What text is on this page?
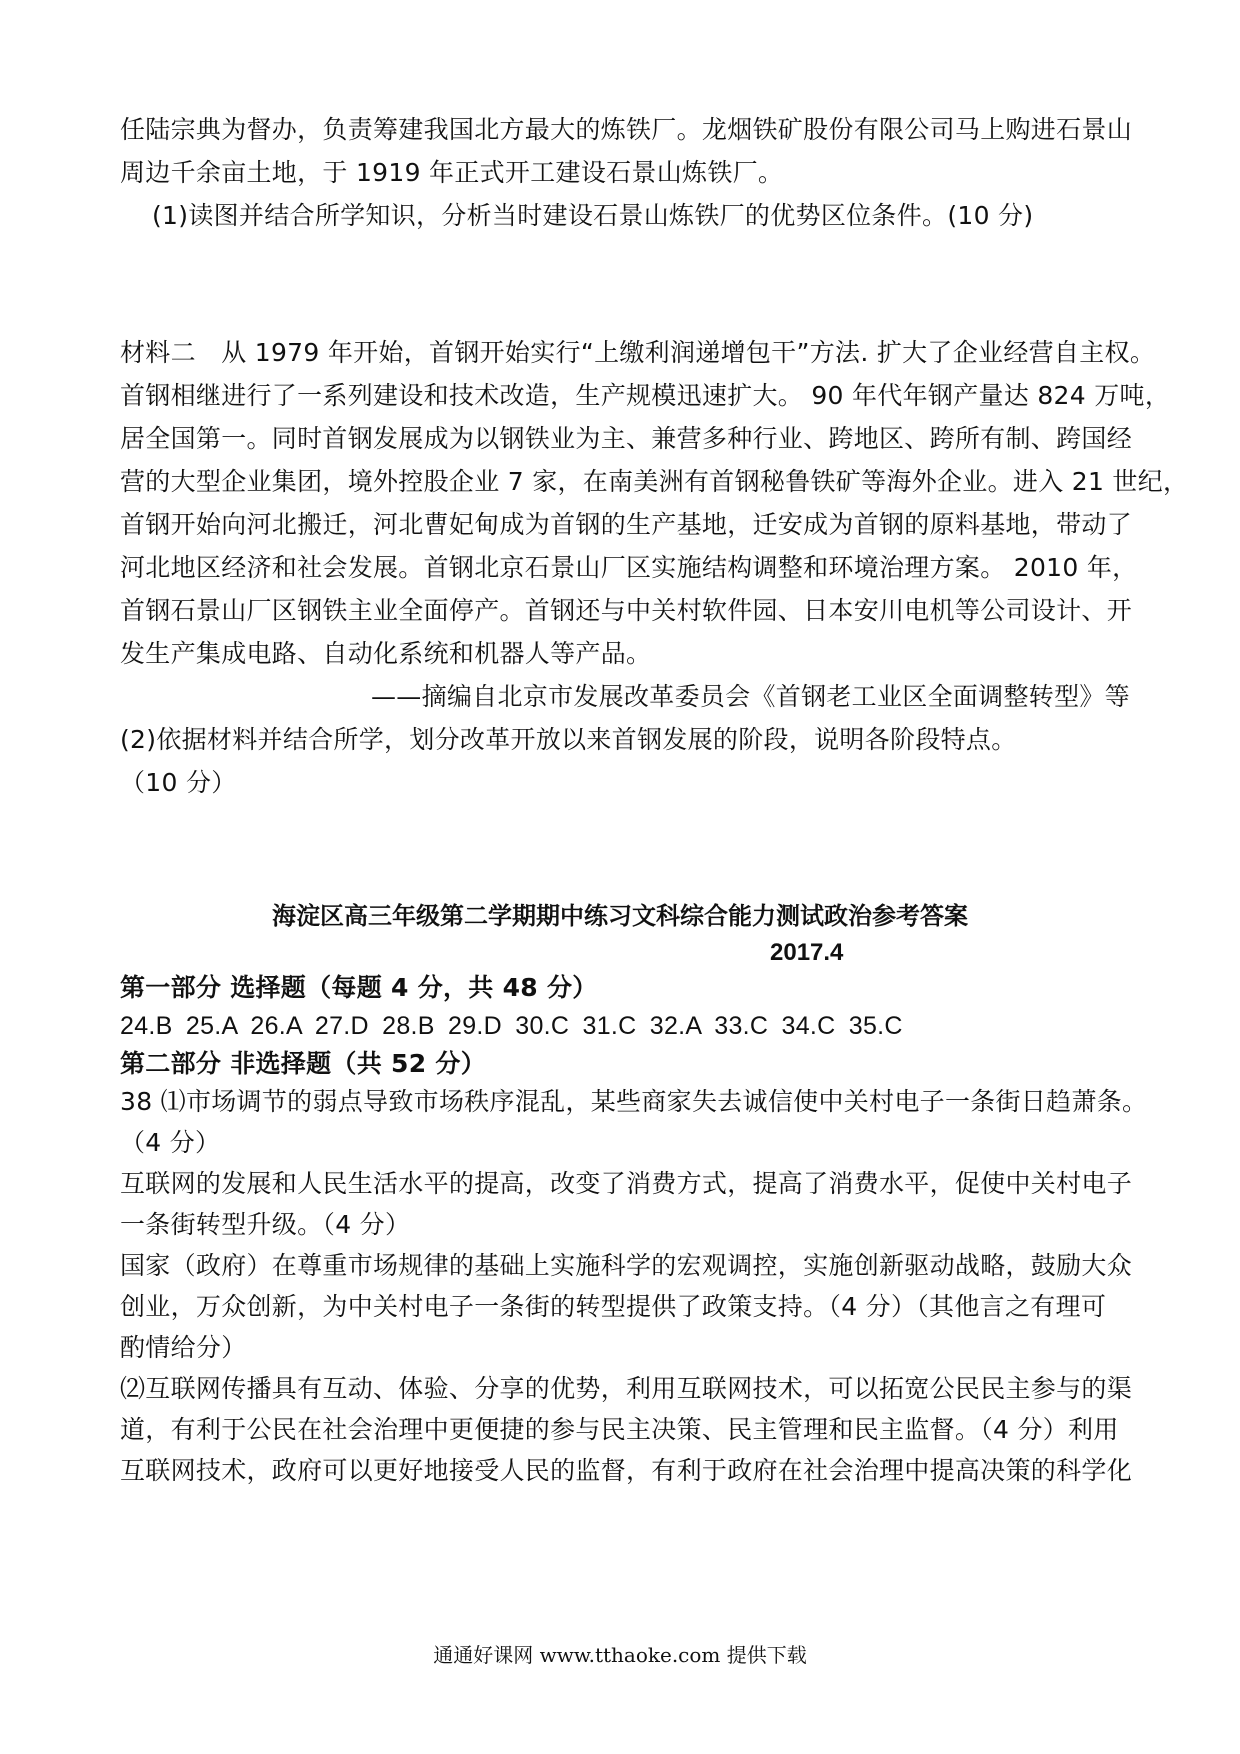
任陆宗典为督办，负责筹建我国北方最大的炼铁厂。龙烟铁矿股份有限公司马上购进石景山
周边千余亩土地，于 1919 年正式开工建设石景山炼铁厂。
(1)读图并结合所学知识，分析当时建设石景山炼铁厂的优势区位条件。(10 分)
材料二　从 1979 年开始，首钢开始实行“上缴利润递增包干”方法. 扩大了企业经营自主权。
首钢相继进行了一系列建设和技术改造，生产规模迅速扩大。 90 年代年钢产量达 824 万吨，
居全国第一。同时首钢发展成为以钢铁业为主、兼营多种行业、跨地区、跨所有制、跨国经
营的大型企业集团，境外控股企业 7 家，在南美洲有首钢秘鲁铁矿等海外企业。进入 21 世纪，
首钢开始向河北搬迁，河北曹妃甸成为首钢的生产基地，迁安成为首钢的原料基地，带动了
河北地区经济和社会发展。首钢北京石景山厂区实施结构调整和环境治理方案。 2010 年，
首钢石景山厂区钢铁主业全面停产。首钢还与中关村软件园、日本安川电机等公司设计、开
发生产集成电路、自动化系统和机器人等产品。
——摘编自北京市发展改革委员会《首钢老工业区全面调整转型》等
(2)依据材料并结合所学，划分改革开放以来首钢发展的阶段，说明各阶段特点。
（10 分）
海淀区高三年级第二学期期中练习文科综合能力测试政治参考答案
2017.4
第一部分 选择题（每题 4 分，共 48 分）
24.B 25.A 26.A 27.D 28.B 29.D 30.C 31.C 32.A 33.C 34.C 35.C
第二部分 非选择题（共 52 分）
38 ⑴市场调节的弱点导致市场秩序混乱，某些商家失去诚信使中关村电子一条街日趋萧条。
（4 分）
互联网的发展和人民生活水平的提高，改变了消费方式，提高了消费水平，促使中关村电子
一条街转型升级。（4 分）
国家（政府）在尊重市场规律的基础上实施科学的宏观调控，实施创新驱动战略，鼓励大众
创业，万众创新，为中关村电子一条街的转型提供了政策支持。（4 分）（其他言之有理可
酌情给分）
⑵互联网传播具有互动、体验、分享的优势，利用互联网技术，可以拓宽公民民主参与的渠
道，有利于公民在社会治理中更便捷的参与民主决策、民主管理和民主监督。（4 分）利用
互联网技术，政府可以更好地接受人民的监督，有利于政府在社会治理中提高决策的科学化
通通好课网 www.tthaoke.com 提供下载
